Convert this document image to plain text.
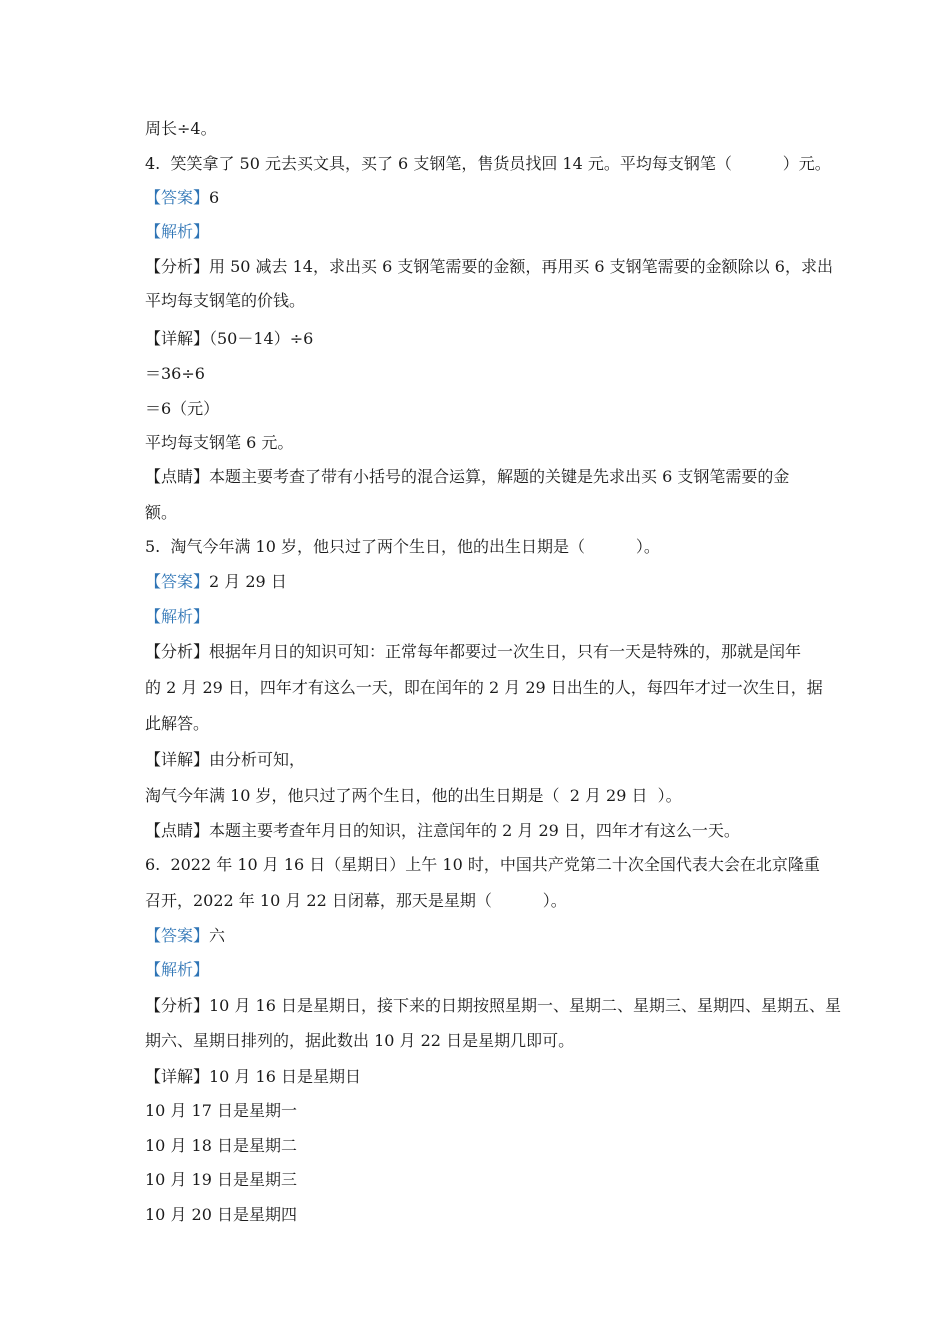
周长÷4。
4.  笑笑拿了 50 元去买文具，买了 6 支钢笔，售货员找回 14 元。平均每支钢笔（          ）元。
【答案】6
【解析】
【分析】用 50 减去 14，求出买 6 支钢笔需要的金额，再用买 6 支钢笔需要的金额除以 6，求出
平均每支钢笔的价钱。
【详解】（50－14）÷6
＝36÷6
＝6（元）
平均每支钢笔 6 元。
【点睛】本题主要考查了带有小括号的混合运算，解题的关键是先求出买 6 支钢笔需要的金
额。
5.  淘气今年满 10 岁，他只过了两个生日，他的出生日期是（          ）。
【答案】2 月 29 日
【解析】
【分析】根据年月日的知识可知：正常每年都要过一次生日，只有一天是特殊的，那就是闰年
的 2 月 29 日，四年才有这么一天，即在闰年的 2 月 29 日出生的人，每四年才过一次生日，据
此解答。
【详解】由分析可知，
淘气今年满 10 岁，他只过了两个生日，他的出生日期是（  2 月 29 日  ）。
【点睛】本题主要考查年月日的知识，注意闰年的 2 月 29 日，四年才有这么一天。
6.  2022 年 10 月 16 日（星期日）上午 10 时，中国共产党第二十次全国代表大会在北京隆重
召开，2022 年 10 月 22 日闭幕，那天是星期（          ）。
【答案】六
【解析】
【分析】10 月 16 日是星期日，接下来的日期按照星期一、星期二、星期三、星期四、星期五、星
期六、星期日排列的，据此数出 10 月 22 日是星期几即可。
【详解】10 月 16 日是星期日
10 月 17 日是星期一
10 月 18 日是星期二
10 月 19 日是星期三
10 月 20 日是星期四
